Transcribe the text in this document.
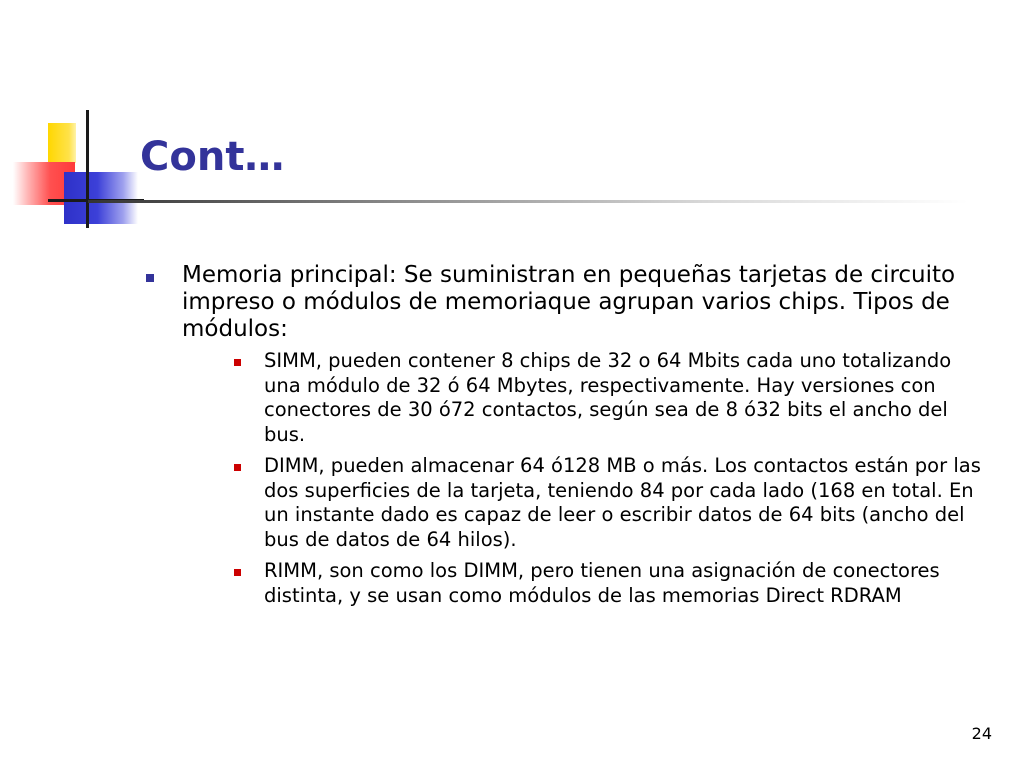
Cont…
Memoria principal: Se suministran en pequeñas tarjetas de circuito impreso o módulos de memoriaque agrupan varios chips. Tipos de módulos:
SIMM, pueden contener 8 chips de 32 o 64 Mbits cada uno totalizando una módulo de 32 ó 64 Mbytes, respectivamente. Hay versiones con conectores de 30 ó72 contactos, según sea de 8 ó32 bits el ancho del bus.
DIMM, pueden almacenar 64 ó128 MB o más. Los contactos están por las dos superficies de la tarjeta, teniendo 84 por cada lado (168 en total. En un instante dado es capaz de leer o escribir datos de 64 bits (ancho del bus de datos de 64 hilos).
RIMM, son como los DIMM, pero tienen una asignación de conectores distinta, y se usan como módulos de las memorias Direct RDRAM
24
